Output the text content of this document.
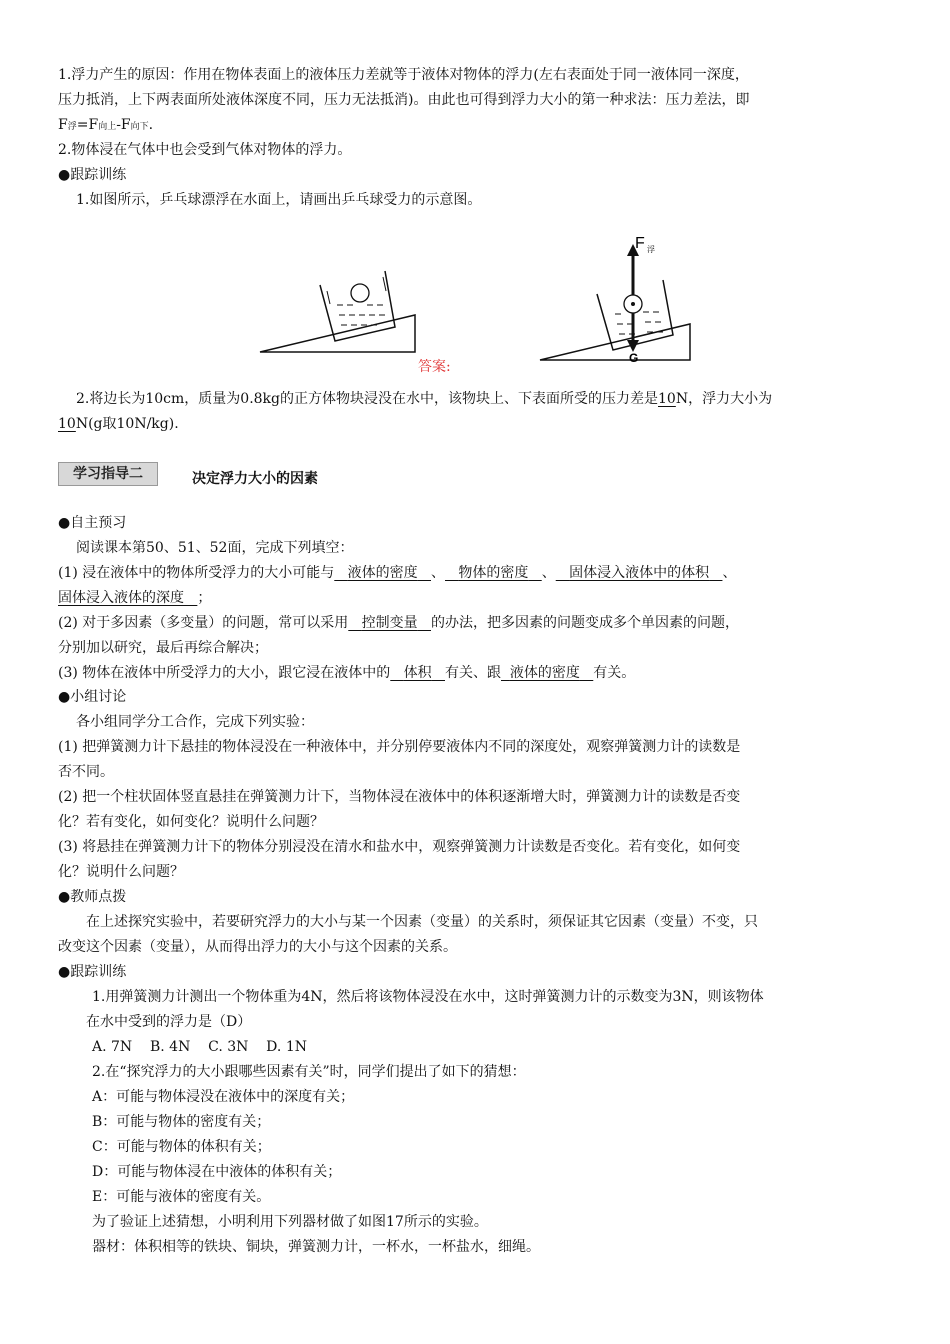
1.浮力产生的原因：作用在物体表面上的液体压力差就等于液体对物体的浮力(左右表面处于同一液体同一深度，
压力抵消，上下两表面所处液体深度不同，压力无法抵消)。由此也可得到浮力大小的第一种求法：压力差法，即
F浮=F向上-F向下.
2.物体浸在气体中也会受到气体对物体的浮力。
●跟踪训练
1.如图所示，乒乓球漂浮在水面上，请画出乒乓球受力的示意图。
答案:
F 浮
G
2.将边长为10cm，质量为0.8kg的正方体物块浸没在水中，该物块上、下表面所受的压力差是10N，浮力大小为
10N(g取10N/kg).
学习指导二	决定浮力大小的因素
●自主预习
阅读课本第50、51、52面，完成下列填空：
(1) 浸在液体中的物体所受浮力的大小可能与 液体的密度 、 物体的密度 、 固体浸入液体中的体积 、
固体浸入液体的深度 ；
(2) 对于多因素（多变量）的问题，常可以采用 控制变量 的办法，把多因素的问题变成多个单因素的问题，
分别加以研究，最后再综合解决；
(3) 物体在液体中所受浮力的大小，跟它浸在液体中的 体积 有关、跟 液体的密度 有关。
●小组讨论
各小组同学分工合作，完成下列实验：
(1) 把弹簧测力计下悬挂的物体浸没在一种液体中，并分别停要液体内不同的深度处，观察弹簧测力计的读数是
否不同。
(2) 把一个柱状固体竖直悬挂在弹簧测力计下，当物体浸在液体中的体积逐渐增大时，弹簧测力计的读数是否变
化？若有变化，如何变化？说明什么问题？
(3) 将悬挂在弹簧测力计下的物体分别浸没在清水和盐水中，观察弹簧测力计读数是否变化。若有变化，如何变
化？说明什么问题？
●教师点拨
在上述探究实验中，若要研究浮力的大小与某一个因素（变量）的关系时，须保证其它因素（变量）不变，只
改变这个因素（变量），从而得出浮力的大小与这个因素的关系。
●跟踪训练
1.用弹簧测力计测出一个物体重为4N，然后将该物体浸没在水中，这时弹簧测力计的示数变为3N，则该物体
在水中受到的浮力是（D）
A. 7N    B. 4N    C. 3N    D. 1N
2.在“探究浮力的大小跟哪些因素有关”时，同学们提出了如下的猜想：
A：可能与物体浸没在液体中的深度有关；
B：可能与物体的密度有关；
C：可能与物体的体积有关；
D：可能与物体浸在中液体的体积有关；
E：可能与液体的密度有关。
为了验证上述猜想，小明利用下列器材做了如图17所示的实验。
器材：体积相等的铁块、铜块，弹簧测力计，一杯水，一杯盐水，细绳。
